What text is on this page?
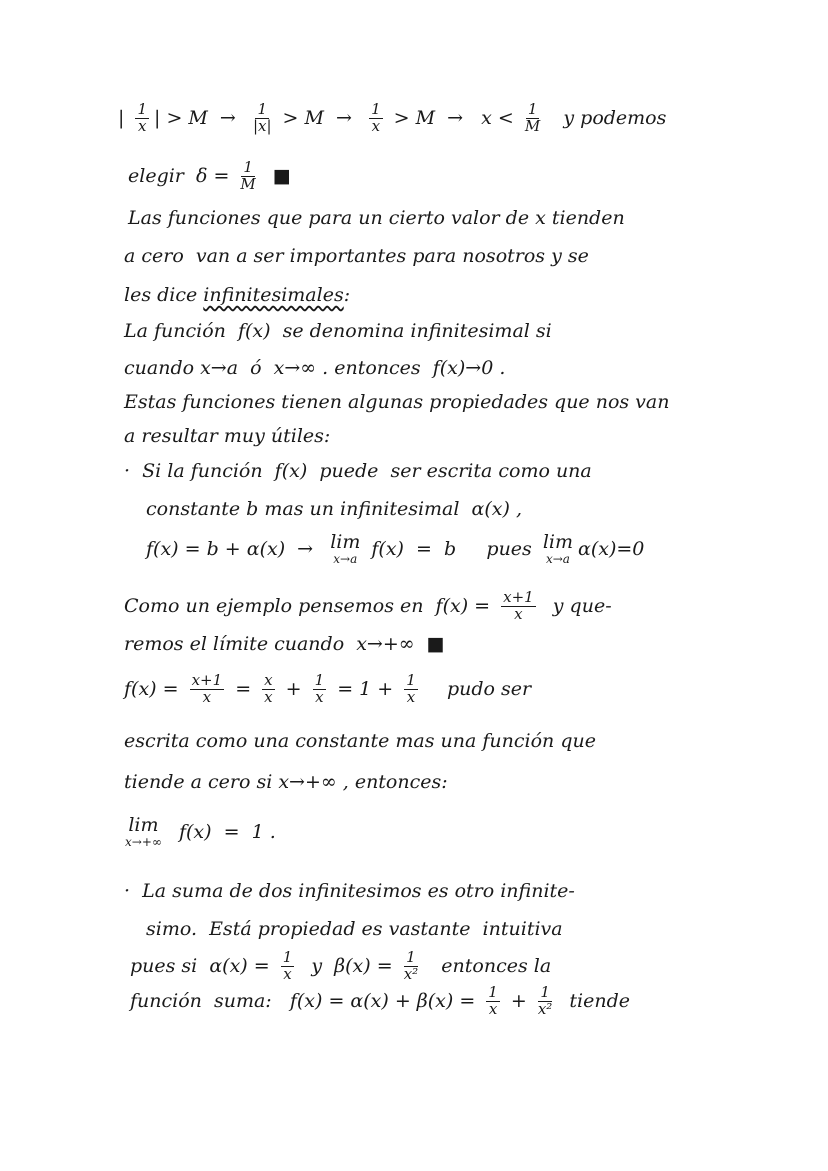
| $\frac{1}{x}$ | > $M \to \frac{1}{|x|} > M \to \frac{1}{x} > M \to x < \frac{1}{M}$ y podemos
elegir  $\delta = \frac{1}{M}$ ■
Las funciones que para un cierto valor de x tienden
a cero  van a ser importantes para nosotros y se
les dice infinitesimales :
La función  f(x)  se denomina infinitesimal si
cuando x→a  ó  x→∞ . entonces  f(x)→0 .
Estas funciones tienen algunas propiedades que nos van
a resultar muy útiles:
·  Si la función  f(x)  puede  ser escrita como una
constante b mas un infinitesimal  α(x) ,
f(x) = b + α(x)  → lim
x→a f(x)  =  b     pues lim
x→a α(x)=0
Como un ejemplo pensemos en  $f(x) = \frac{x+1}{x}$ y que-
remos el límite cuando  x→+∞  ■
$f(x) = \frac{x+1}{x} = \frac{x}{x} + \frac{1}{x} = 1 + \frac{1}{x}$ pudo ser
escrita como una constante mas una función que
tiende a cero si x→+∞ , entonces:
lim
x→+∞ f(x)  =  1 .
·  La suma de dos infinitesimos es otro infinite-
simo.  Está propiedad es vastante  intuitiva
pues si  $\alpha(x) = \frac{1}{x}$ y  $\beta(x) = \frac{1}{\text{x²}}$ entonces la
función  suma:   $f(x) = \alpha(x) + \beta(x) = \frac{1}{x} + \frac{1}{\text{x²}}$ tiende
